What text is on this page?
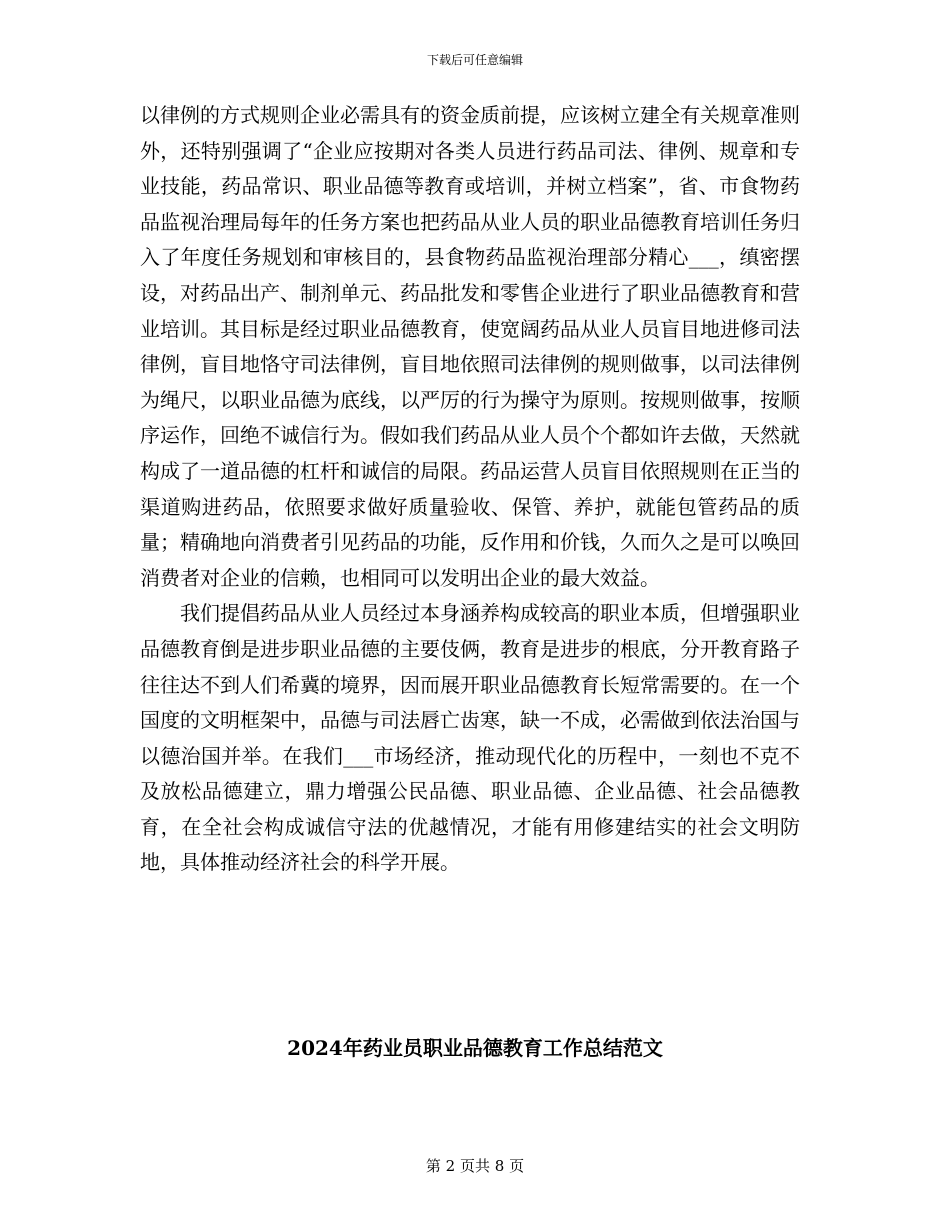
下载后可任意编辑

以律例的方式规则企业必需具有的资金质前提，应该树立建全有关规章准则外，还特别强调了“企业应按期对各类人员进行药品司法、律例、规章和专业技能，药品常识、职业品德等教育或培训，并树立档案”，省、市食物药品监视治理局每年的任务方案也把药品从业人员的职业品德教育培训任务归入了年度任务规划和审核目的，县食物药品监视治理部分精心___，缜密摆设，对药品出产、制剂单元、药品批发和零售企业进行了职业品德教育和营业培训。其目标是经过职业品德教育，使宽阔药品从业人员盲目地进修司法律例，盲目地恪守司法律例，盲目地依照司法律例的规则做事，以司法律例为绳尺，以职业品德为底线，以严厉的行为操守为原则。按规则做事，按顺序运作，回绝不诚信行为。假如我们药品从业人员个个都如许去做，天然就构成了一道品德的杠杆和诚信的局限。药品运营人员盲目依照规则在正当的渠道购进药品，依照要求做好质量验收、保管、养护，就能包管药品的质量；精确地向消费者引见药品的功能，反作用和价钱，久而久之是可以唤回消费者对企业的信赖，也相同可以发明出企业的最大效益。

我们提倡药品从业人员经过本身涵养构成较高的职业本质，但增强职业品德教育倒是进步职业品德的主要伎俩，教育是进步的根底，分开教育路子往往达不到人们希冀的境界，因而展开职业品德教育长短常需要的。在一个国度的文明框架中，品德与司法唇亡齿寒，缺一不成，必需做到依法治国与以德治国并举。在我们___市场经济，推动现代化的历程中，一刻也不克不及放松品德建立，鼎力增强公民品德、职业品德、企业品德、社会品德教育，在全社会构成诚信守法的优越情况，才能有用修建结实的社会文明防地，具体推动经济社会的科学开展。

2024年药业员职业品德教育工作总结范文
第 2 页共 8 页
